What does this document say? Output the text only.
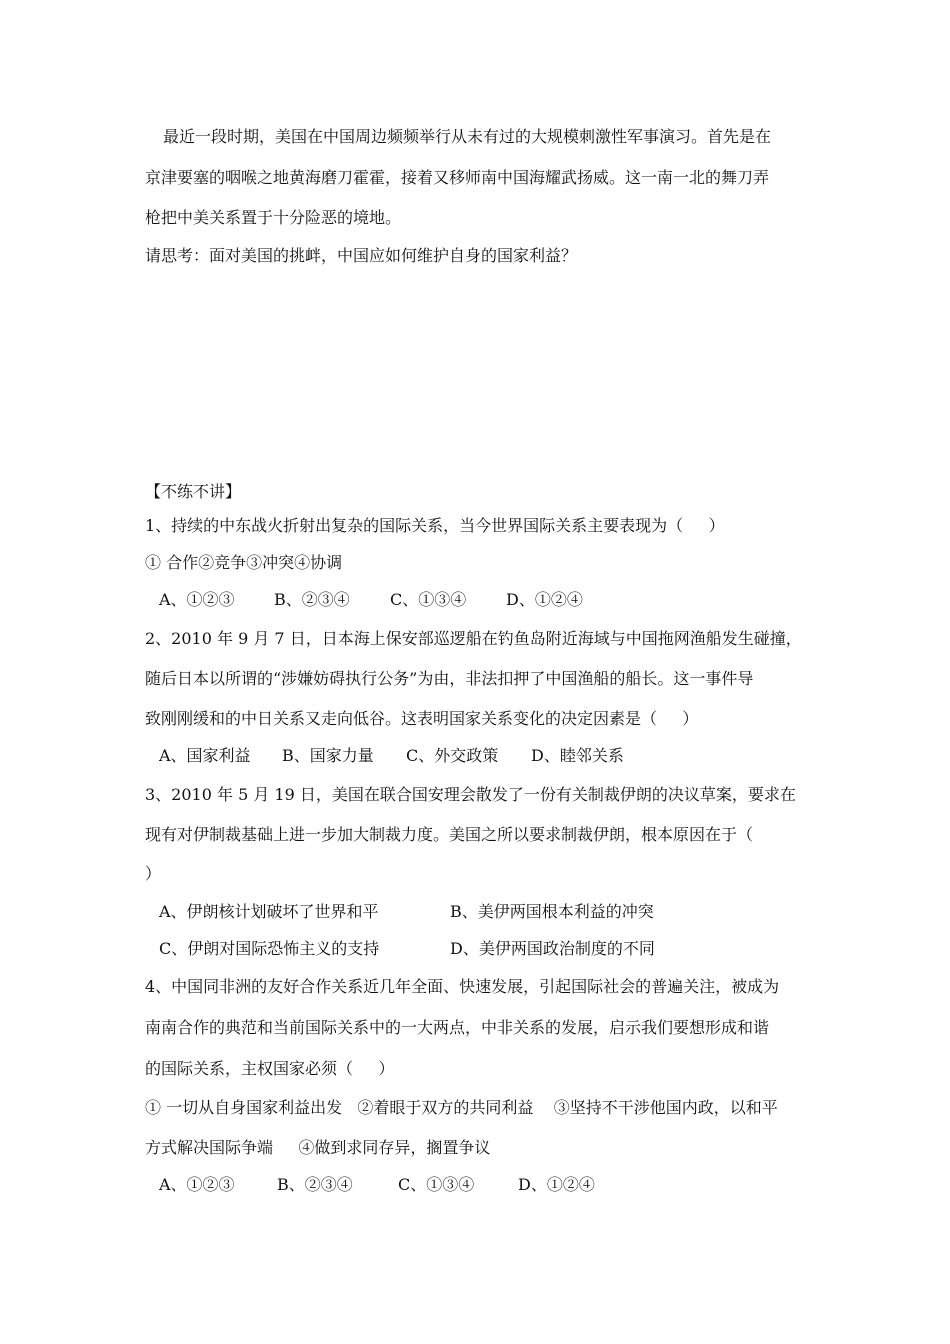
最近一段时期，美国在中国周边频频举行从未有过的大规模刺激性军事演习。首先是在
京津要塞的咽喉之地黄海磨刀霍霍，接着又移师南中国海耀武扬威。这一南一北的舞刀弄
枪把中美关系置于十分险恶的境地。
请思考：面对美国的挑衅，中国应如何维护自身的国家利益？
【不练不讲】
1、持续的中东战火折射出复杂的国际关系，当今世界国际关系主要表现为（     ）
① 合作②竞争③冲突④协调
A、①②③ B、②③④	C、①③④ D、①②④
2、2010 年 9 月 7 日，日本海上保安部巡逻船在钓鱼岛附近海域与中国拖网渔船发生碰撞，
随后日本以所谓的“涉嫌妨碍执行公务”为由，非法扣押了中国渔船的船长。这一事件导
致刚刚缓和的中日关系又走向低谷。这表明国家关系变化的决定因素是（     ）
A、国家利益 B、国家力量 C、外交政策 D、睦邻关系
3、2010 年 5 月 19 日，美国在联合国安理会散发了一份有关制裁伊朗的决议草案，要求在
现有对伊制裁基础上进一步加大制裁力度。美国之所以要求制裁伊朗，根本原因在于（
）
A、伊朗核计划破坏了世界和平	B、美伊两国根本利益的冲突
C、伊朗对国际恐怖主义的支持	D、美伊两国政治制度的不同
4、中国同非洲的友好合作关系近几年全面、快速发展，引起国际社会的普遍关注，被成为
南南合作的典范和当前国际关系中的一大两点，中非关系的发展，启示我们要想形成和谐
的国际关系，主权国家必须（     ）
① 一切从自身国家利益出发   ②着眼于双方的共同利益    ③坚持不干涉他国内政，以和平
方式解决国际争端     ④做到求同存异，搁置争议
A、①②③	B、②③④	C、①③④	D、①②④
